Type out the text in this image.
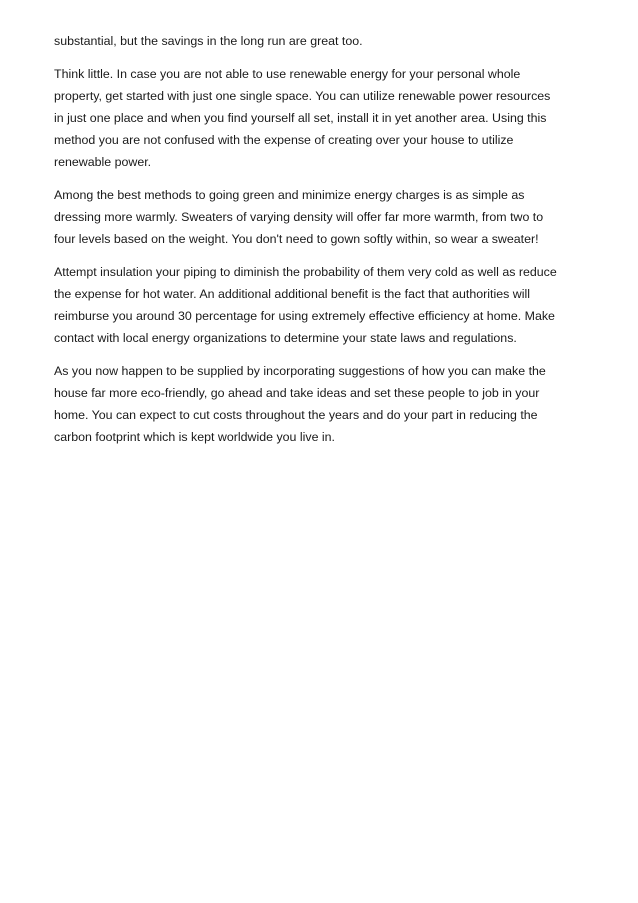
substantial, but the savings in the long run are great too.

Think little. In case you are not able to use renewable energy for your personal whole
property, get started with just one single space. You can utilize renewable power resources
in just one place and when you find yourself all set, install it in yet another area. Using this
method you are not confused with the expense of creating over your house to utilize
renewable power.

Among the best methods to going green and minimize energy charges is as simple as
dressing more warmly. Sweaters of varying density will offer far more warmth, from two to
four levels based on the weight. You don't need to gown softly within, so wear a sweater!

Attempt insulation your piping to diminish the probability of them very cold as well as reduce
the expense for hot water. An additional additional benefit is the fact that authorities will
reimburse you around 30 percentage for using extremely effective efficiency at home. Make
contact with local energy organizations to determine your state laws and regulations.

As you now happen to be supplied by incorporating suggestions of how you can make the
house far more eco-friendly, go ahead and take ideas and set these people to job in your
home. You can expect to cut costs throughout the years and do your part in reducing the
carbon footprint which is kept worldwide you live in.
